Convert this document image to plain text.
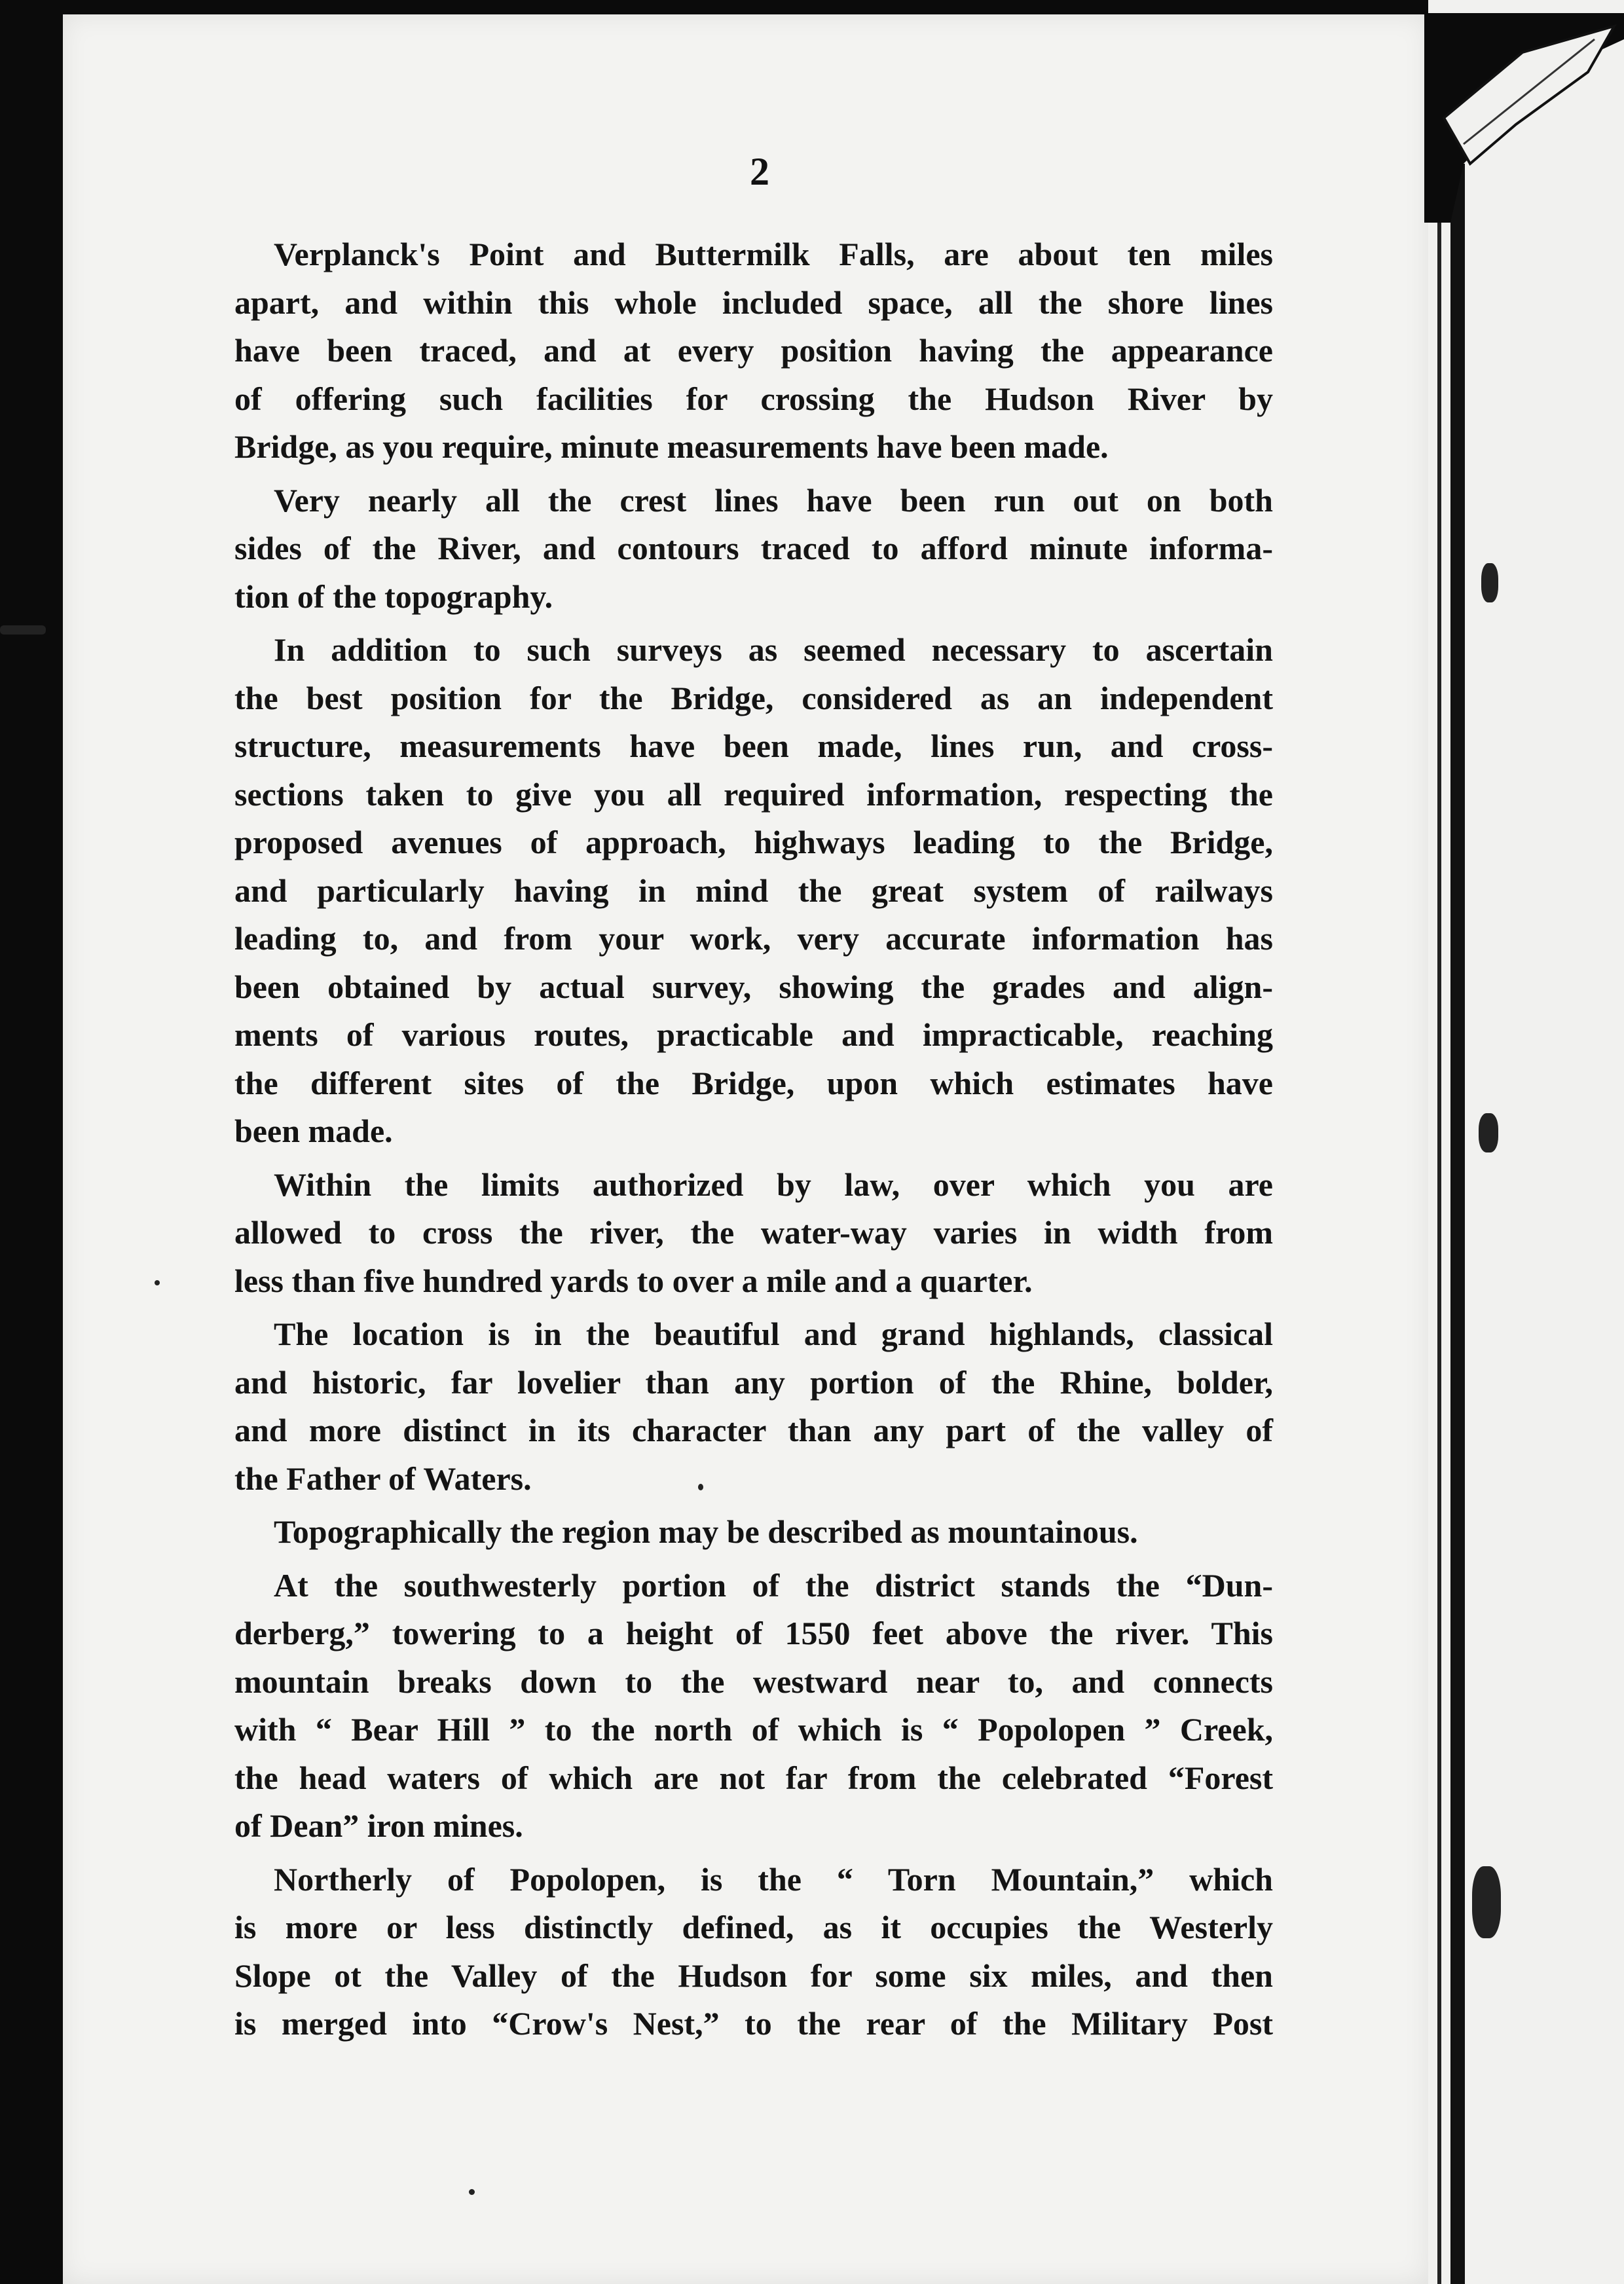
2
Verplanck's Point and Buttermilk Falls, are about ten miles
apart, and within this whole included space, all the shore lines
have been traced, and at every position having the appearance
of offering such facilities for crossing the Hudson River by
Bridge, as you require, minute measurements have been made.
Very nearly all the crest lines have been run out on both
sides of the River, and contours traced to afford minute informa-
tion of the topography.
In addition to such surveys as seemed necessary to ascertain
the best position for the Bridge, considered as an independent
structure, measurements have been made, lines run, and cross-
sections taken to give you all required information, respecting the
proposed avenues of approach, highways leading to the Bridge,
and particularly having in mind the great system of railways
leading to, and from your work, very accurate information has
been obtained by actual survey, showing the grades and align-
ments of various routes, practicable and impracticable, reaching
the different sites of the Bridge, upon which estimates have
been made.
Within the limits authorized by law, over which you are
allowed to cross the river, the water-way varies in width from
less than five hundred yards to over a mile and a quarter.
The location is in the beautiful and grand highlands, classical
and historic, far lovelier than any portion of the Rhine, bolder,
and more distinct in its character than any part of the valley of
the Father of Waters.
Topographically the region may be described as mountainous.
At the southwesterly portion of the district stands the “Dun-
derberg,” towering to a height of 1550 feet above the river. This
mountain breaks down to the westward near to, and connects
with “ Bear Hill ” to the north of which is “ Popolopen ” Creek,
the head waters of which are not far from the celebrated “Forest
of Dean” iron mines.
Northerly of Popolopen, is the “ Torn Mountain,” which
is more or less distinctly defined, as it occupies the Westerly
Slope ot the Valley of the Hudson for some six miles, and then
is merged into “Crow's Nest,” to the rear of the Military Post
